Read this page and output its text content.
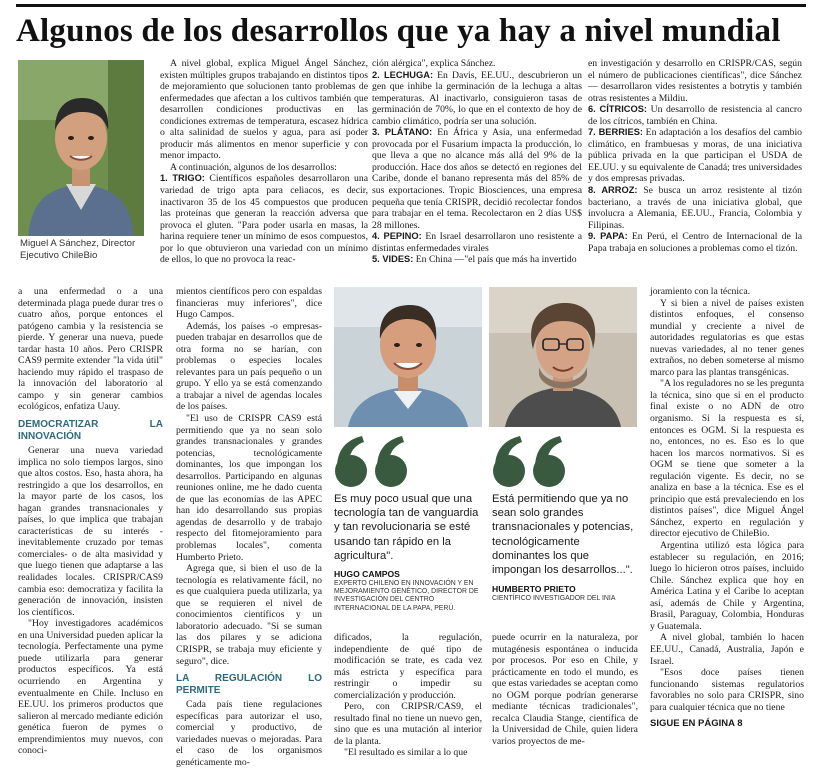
Algunos de los desarrollos que ya hay a nivel mundial
Miguel A Sánchez, Director Ejecutivo ChileBio

A nivel global, explica Miguel Ángel Sánchez, existen múltiples grupos trabajando en distintos tipos de mejoramiento que solucionen tanto problemas de enfermedades que afectan a los cultivos también que desarrollen condiciones productivas en las condiciones extremas de temperatura, escasez hídrica o alta salinidad de suelos y agua, para así poder producir más alimentos en menor superficie y con menor impacto.

A continuación, algunos de los desarrollos:

1. TRIGO: Científicos españoles desarrollaron una variedad de trigo apta para celiacos, es decir, inactivaron 35 de los 45 compuestos que producen las proteínas que generan la reacción adversa que provoca el gluten. "Para poder usarla en masas, la harina requiere tener un mínimo de esos compuestos, por lo que obtuvieron una variedad con un mínimo de ellos, lo que no provoca la reac-

ción alérgica", explica Sánchez.

2. LECHUGA: En Davis, EE.UU., descubrieron un gen que inhibe la germinación de la lechuga a altas temperaturas. Al inactivarlo, consiguieron tasas de germinación de 70%, lo que en el contexto de hoy de cambio climático, podría ser una solución.

3. PLÁTANO: En África y Asia, una enfermedad provocada por el Fusarium impacta la producción, lo que lleva a que no alcance más allá del 9% de la producción. Hace dos años se detectó en regiones del Caribe, donde el banano representa más del 85% de sus exportaciones. Tropic Biosciences, una empresa pequeña que tenía CRISPR, decidió recolectar fondos para trabajar en el tema. Recolectaron en 2 días US$ 28 millones.

4. PEPINO: En Israel desarrollaron uno resistente a distintas enfermedades virales

5. VIDES: En China —"el país que más ha invertido

en investigación y desarrollo en CRISPR/CAS, según el número de publicaciones científicas", dice Sánchez— desarrollaron vides resistentes a botrytis y también otras resistentes a Mildiu.

6. CÍTRICOS: Un desarrollo de resistencia al cancro de los cítricos, también en China.

7. BERRIES: En adaptación a los desafíos del cambio climático, en frambuesas y moras, de una iniciativa pública privada en la que participan el USDA de EE.UU. y su equivalente de Canadá; tres universidades y dos empresas privadas.

8. ARROZ: Se busca un arroz resistente al tizón bacteriano, a través de una iniciativa global, que involucra a Alemania, EE.UU., Francia, Colombia y Filipinas.

9. PAPA: En Perú, el Centro de Internacional de la Papa trabaja en soluciones a problemas como el tizón.

a una enfermedad o a una determinada plaga puede durar tres o cuatro años, porque entonces el patógeno cambia y la resistencia se pierde. Y generar una nueva, puede tardar hasta 10 años. Pero CRISPR CAS9 permite extender "la vida útil" haciendo muy rápido el traspaso de la innovación del laboratorio al campo y sin generar cambios ecológicos, enfatiza Uauy.

DEMOCRATIZAR LA INNOVACIÓN

Generar una nueva variedad implica no solo tiempos largos, sino que altos costos. Eso, hasta ahora, ha restringido a que los desarrollos, en la mayor parte de los casos, los hagan grandes transnacionales y países, lo que implica que trabajan características de su interés -inevitablemente cruzado por temas comerciales- o de alta masividad y que luego tienen que adaptarse a las realidades locales. CRISPR/CAS9 cambia eso: democratiza y facilita la generación de innovación, insisten los científicos.

"Hoy investigadores académicos en una Universidad pueden aplicar la tecnología. Perfectamente una pyme puede utilizarla para generar productos específicos. Ya está ocurriendo en Argentina y eventualmente en Chile. Incluso en EE.UU. los primeros productos que salieron al mercado mediante edición genética fueron de pymes o emprendimientos muy nuevos, con conoci-

mientos científicos pero con espaldas financieras muy inferiores", dice Hugo Campos.

Además, los países -o empresas- pueden trabajar en desarrollos que de otra forma no se harían, con problemas o especies locales relevantes para un país pequeño o un grupo. Y ello ya se está comenzando a trabajar a nivel de agendas locales de los países.

"El uso de CRISPR CAS9 está permitiendo que ya no sean solo grandes transnacionales y grandes potencias, tecnológicamente dominantes, los que impongan los desarrollos. Participando en algunas reuniones online, me he dado cuenta de que las economías de las APEC han ido desarrollando sus propias agendas de desarrollo y de trabajo respecto del fitomejoramiento para problemas locales", comenta Humberto Prieto.

Agrega que, si bien el uso de la tecnología es relativamente fácil, no es que cualquiera pueda utilizarla, ya que se requieren el nivel de conocimientos científicos y un laboratorio adecuado. "Si se suman las dos pilares y se adiciona CRISPR, se trabaja muy eficiente y seguro", dice.

LA REGULACIÓN LO PERMITE

Cada país tiene regulaciones específicas para autorizar el uso, comercial y productivo, de variedades nuevas o mejoradas. Para el caso de los organismos genéticamente mo-

Es muy poco usual que una tecnología tan de vanguardia y tan revolucionaria se esté usando tan rápido en la agricultura".
HUGO CAMPOS
EXPERTO CHILENO EN INNOVACIÓN Y EN MEJORAMIENTO GENÉTICO, DIRECTOR DE INVESTIGACIÓN DEL CENTRO INTERNACIONAL DE LA PAPA, PERÚ.
Está permitiendo que ya no sean solo grandes transnacionales y potencias, tecnológicamente dominantes los que impongan los desarrollos...".
HUMBERTO PRIETO
CIENTÍFICO INVESTIGADOR DEL INIA

dificados, la regulación, independiente de qué tipo de modificación se trate, es cada vez más estricta y específica para restringir o impedir su comercialización y producción.

Pero, con CRIPSR/CAS9, el resultado final no tiene un nuevo gen, sino que es una mutación al interior de la planta.

"El resultado es similar a lo que

puede ocurrir en la naturaleza, por mutagénesis espontánea o inducida por procesos. Por eso en Chile, y prácticamente en todo el mundo, es que estas variedades se aceptan como no OGM porque podrían generarse mediante técnicas tradicionales", recalca Claudia Stange, científica de la Universidad de Chile, quien lidera varios proyectos de me-

joramiento con la técnica.

Y si bien a nivel de países existen distintos enfoques, el consenso mundial y creciente a nivel de autoridades regulatorias es que estas nuevas variedades, al no tener genes extraños, no deben someterse al mismo marco para las plantas transgénicas.

"A los reguladores no se les pregunta la técnica, sino que si en el producto final existe o no ADN de otro organismo. Si la respuesta es sí, entonces es OGM. Si la respuesta es no, entonces, no es. Eso es lo que hacen los marcos normativos. Si es OGM se tiene que someter a la regulación vigente. Es decir, no se analiza en base a la técnica. Ese es el principio que está prevaleciendo en los distintos países", dice Miguel Ángel Sánchez, experto en regulación y director ejecutivo de ChileBio.

Argentina utilizó esta lógica para establecer su regulación, en 2016; luego lo hicieron otros países, incluido Chile. Sánchez explica que hoy en América Latina y el Caribe lo aceptan así, además de Chile y Argentina, Brasil, Paraguay, Colombia, Honduras y Guatemala.

A nivel global, también lo hacen EE.UU., Canadá, Australia, Japón e Israel.

"Esos doce países tienen funcionando sistemas regulatorios favorables no solo para CRISPR, sino para cualquier técnica que no tiene

SIGUE EN PÁGINA 8
